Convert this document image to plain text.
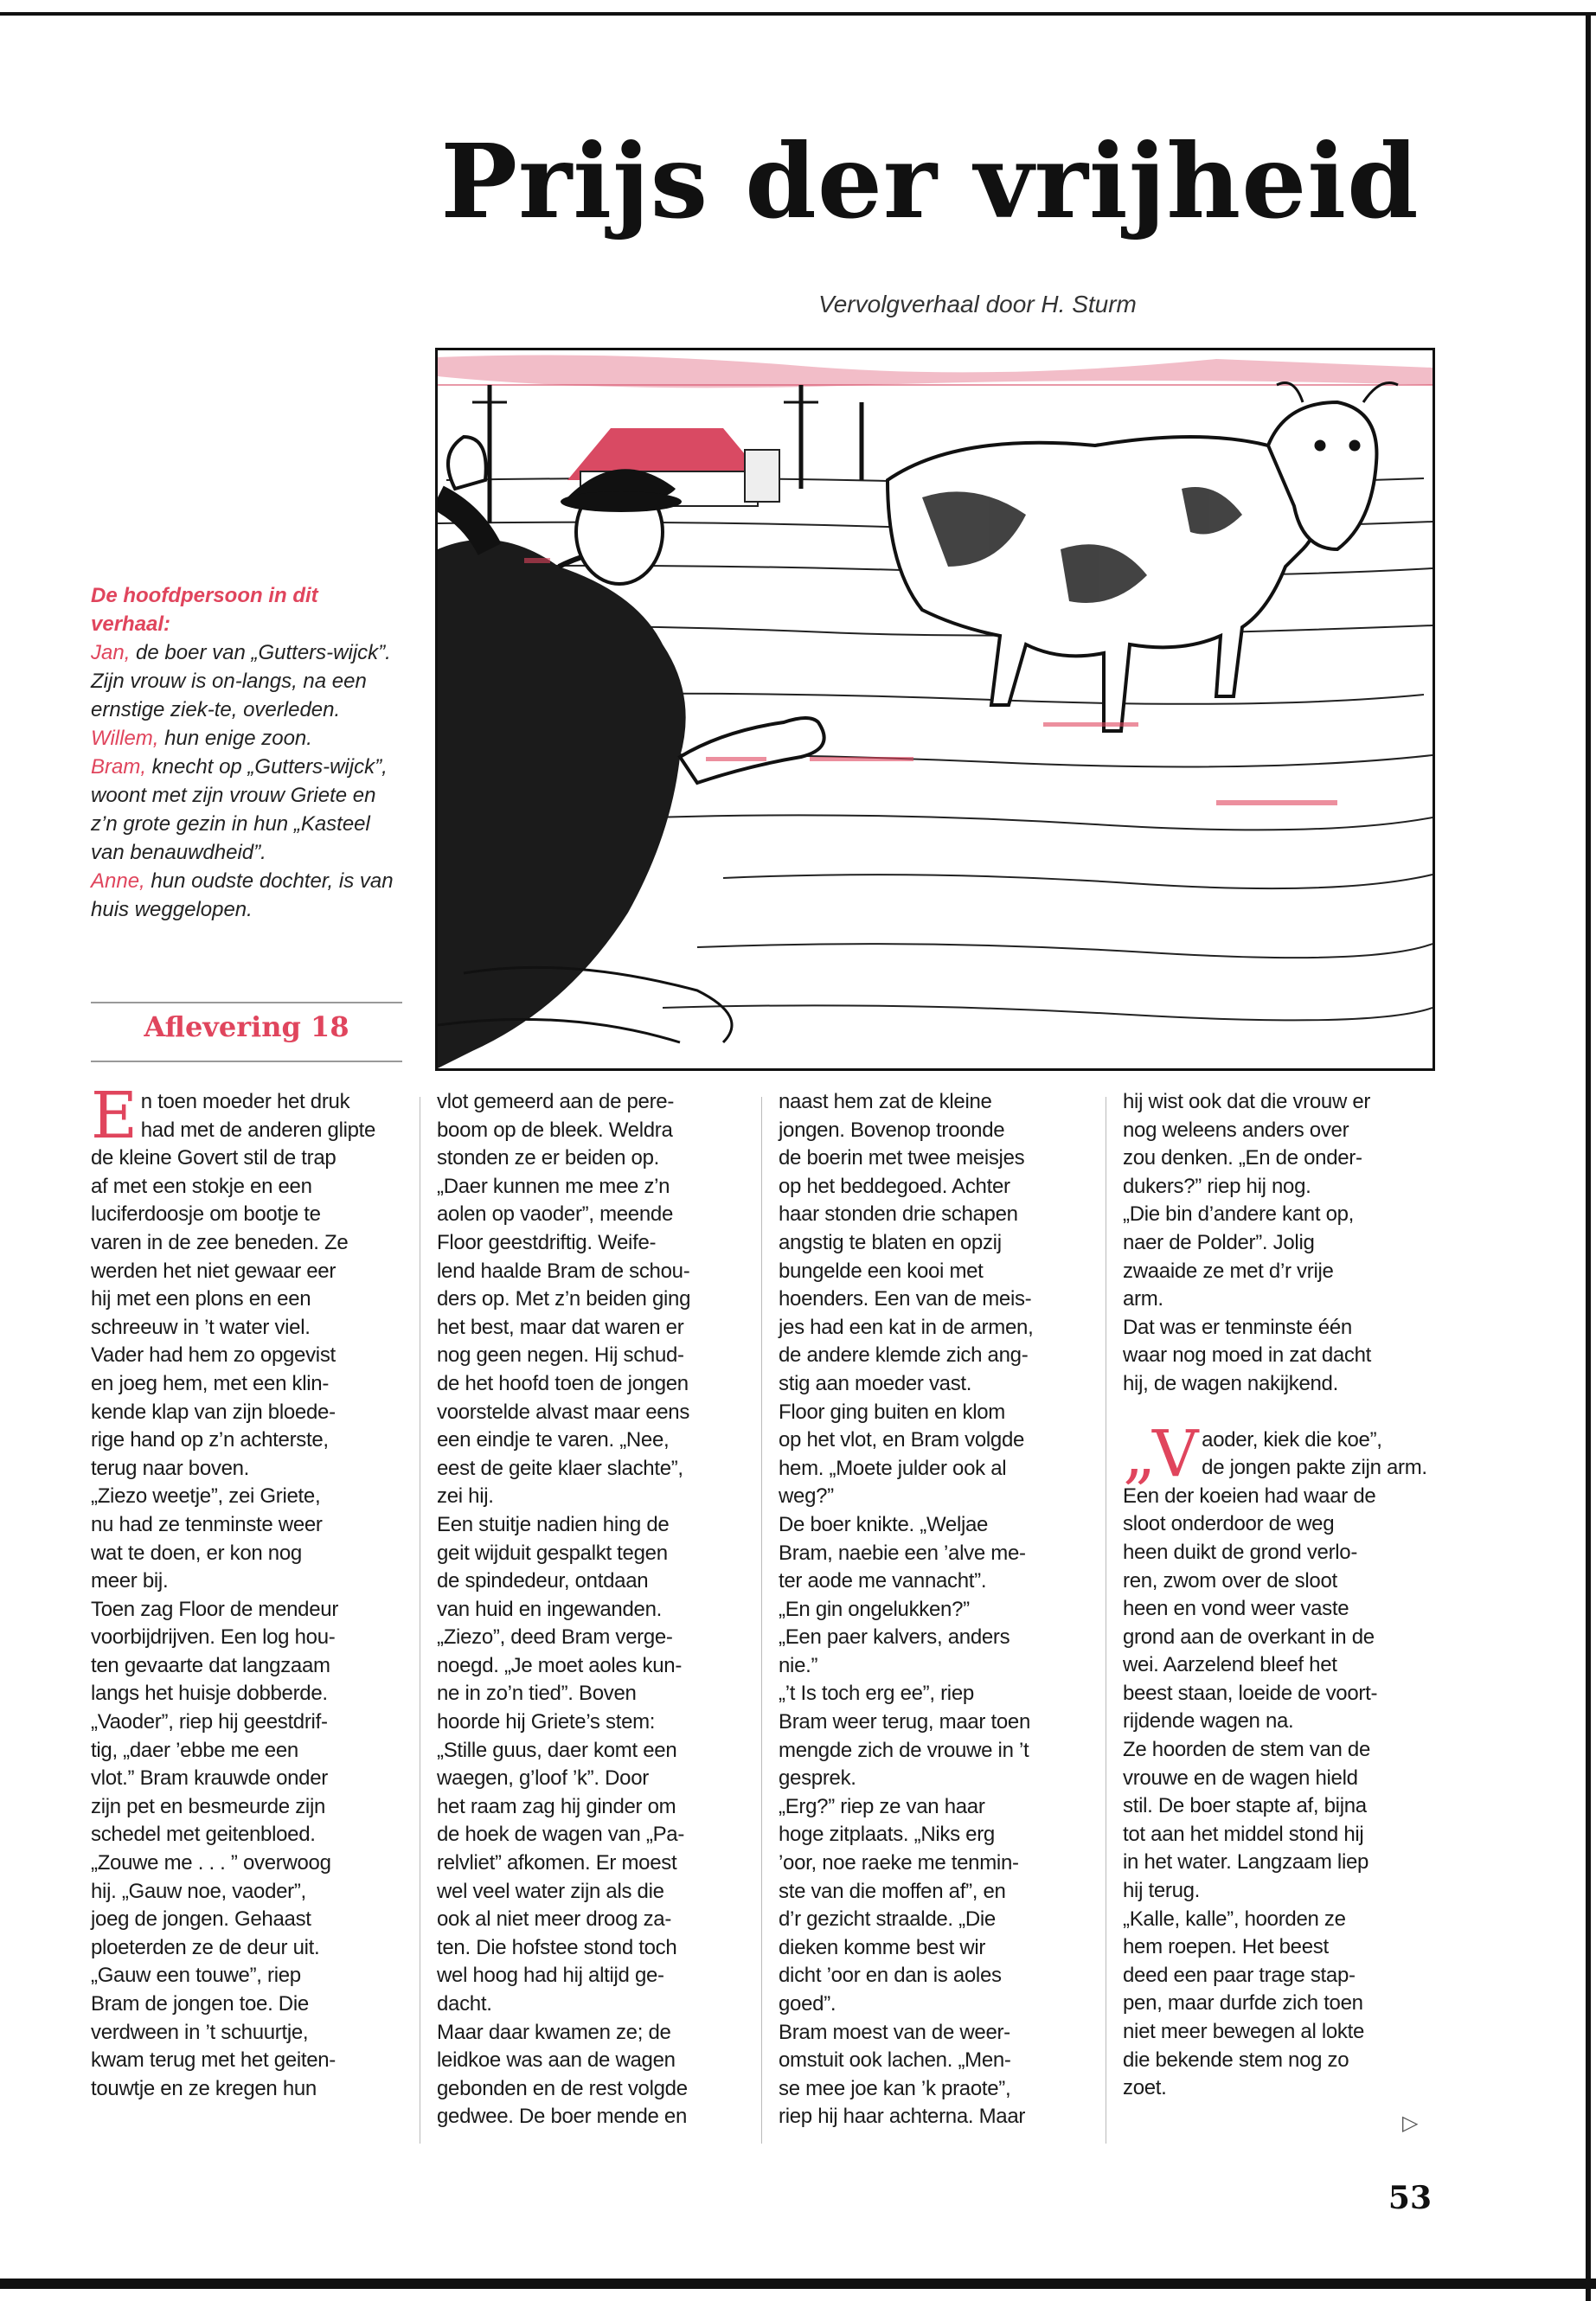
Prijs der vrijheid
Vervolgverhaal door H. Sturm

De hoofdpersoon in dit verhaal:

Jan, de boer van „Gutters-wijck”. Zijn vrouw is on-langs, na een ernstige ziek-te, overleden.

Willem, hun enige zoon.

Bram, knecht op „Gutters-wijck”, woont met zijn vrouw Griete en z’n grote gezin in hun „Kasteel van benauwdheid”.

Anne, hun oudste dochter, is van huis weggelopen.

Aflevering 18
E n toen moeder het druk

had met de anderen glipte

de kleine Govert stil de trap

af met een stokje en een

luciferdoosje om bootje te

varen in de zee beneden. Ze

werden het niet gewaar eer

hij met een plons en een

schreeuw in ’t water viel.

Vader had hem zo opgevist

en joeg hem, met een klin-

kende klap van zijn bloede-

rige hand op z’n achterste,

terug naar boven.

„Ziezo weetje”, zei Griete,

nu had ze tenminste weer

wat te doen, er kon nog

meer bij.

Toen zag Floor de mendeur

voorbijdrijven. Een log hou-

ten gevaarte dat langzaam

langs het huisje dobberde.

„Vaoder”, riep hij geestdrif-

tig, „daer ’ebbe me een

vlot.” Bram krauwde onder

zijn pet en besmeurde zijn

schedel met geitenbloed.

„Zouwe me . . . ” overwoog

hij. „Gauw noe, vaoder”,

joeg de jongen. Gehaast

ploeterden ze de deur uit.

„Gauw een touwe”, riep

Bram de jongen toe. Die

verdween in ’t schuurtje,

kwam terug met het geiten-

touwtje en ze kregen hun

vlot gemeerd aan de pere-

boom op de bleek. Weldra

stonden ze er beiden op.

„Daer kunnen me mee z’n

aolen op vaoder”, meende

Floor geestdriftig. Weife-

lend haalde Bram de schou-

ders op. Met z’n beiden ging

het best, maar dat waren er

nog geen negen. Hij schud-

de het hoofd toen de jongen

voorstelde alvast maar eens

een eindje te varen. „Nee,

eest de geite klaer slachte”,

zei hij.

Een stuitje nadien hing de

geit wijduit gespalkt tegen

de spindedeur, ontdaan

van huid en ingewanden.

„Ziezo”, deed Bram verge-

noegd. „Je moet aoles kun-

ne in zo’n tied”. Boven

hoorde hij Griete’s stem:

„Stille guus, daer komt een

waegen, g’loof ’k”. Door

het raam zag hij ginder om

de hoek de wagen van „Pa-

relvliet” afkomen. Er moest

wel veel water zijn als die

ook al niet meer droog za-

ten. Die hofstee stond toch

wel hoog had hij altijd ge-

dacht.

Maar daar kwamen ze; de

leidkoe was aan de wagen

gebonden en de rest volgde

gedwee. De boer mende en

naast hem zat de kleine

jongen. Bovenop troonde

de boerin met twee meisjes

op het beddegoed. Achter

haar stonden drie schapen

angstig te blaten en opzij

bungelde een kooi met

hoenders. Een van de meis-

jes had een kat in de armen,

de andere klemde zich ang-

stig aan moeder vast.

Floor ging buiten en klom

op het vlot, en Bram volgde

hem. „Moete julder ook al

weg?”

De boer knikte. „Weljae

Bram, naebie een ’alve me-

ter aode me vannacht”.

„En gin ongelukken?”

„Een paer kalvers, anders

nie.”

„’t Is toch erg ee”, riep

Bram weer terug, maar toen

mengde zich de vrouwe in ’t

gesprek.

„Erg?” riep ze van haar

hoge zitplaats. „Niks erg

’oor, noe raeke me tenmin-

ste van die moffen af”, en

d’r gezicht straalde. „Die

dieken komme best wir

dicht ’oor en dan is aoles

goed”.

Bram moest van de weer-

omstuit ook lachen. „Men-

se mee joe kan ’k praote”,

riep hij haar achterna. Maar

hij wist ook dat die vrouw er

nog weleens anders over

zou denken. „En de onder-

dukers?” riep hij nog.

„Die bin d’andere kant op,

naer de Polder”. Jolig

zwaaide ze met d’r vrije

arm.

Dat was er tenminste één

waar nog moed in zat dacht

hij, de wagen nakijkend.

„V aoder, kiek die koe”,

de jongen pakte zijn arm.

Een der koeien had waar de

sloot onderdoor de weg

heen duikt de grond verlo-

ren, zwom over de sloot

heen en vond weer vaste

grond aan de overkant in de

wei. Aarzelend bleef het

beest staan, loeide de voort-

rijdende wagen na.

Ze hoorden de stem van de

vrouwe en de wagen hield

stil. De boer stapte af, bijna

tot aan het middel stond hij

in het water. Langzaam liep

hij terug.

„Kalle, kalle”, hoorden ze

hem roepen. Het beest

deed een paar trage stap-

pen, maar durfde zich toen

niet meer bewegen al lokte

die bekende stem nog zo

zoet.

▷
53
